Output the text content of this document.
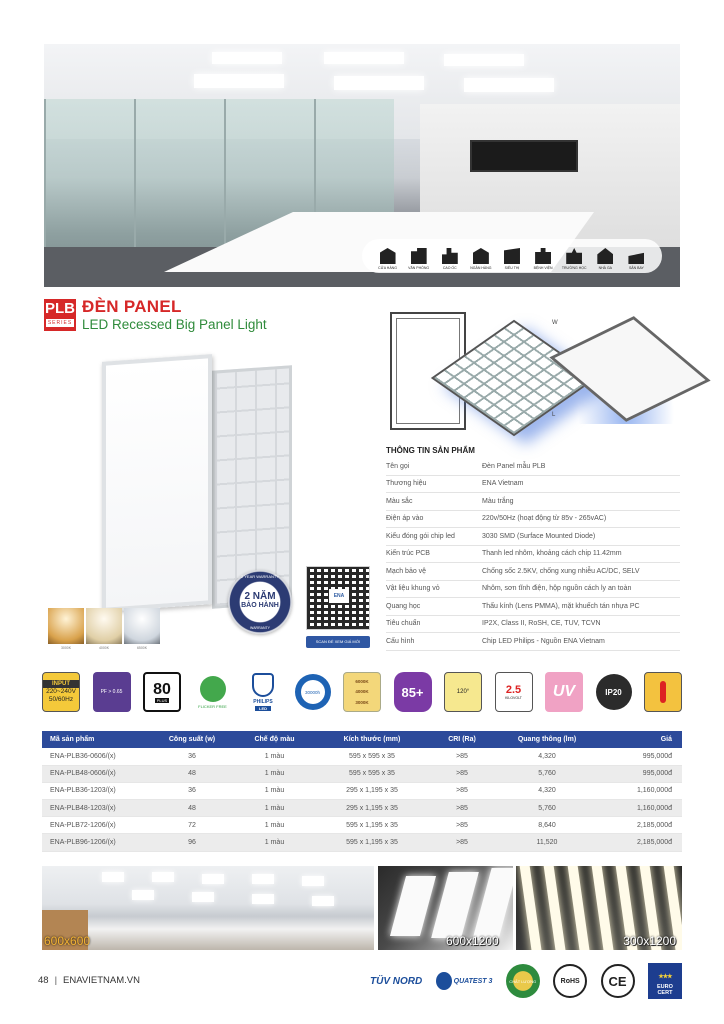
CỬA HÀNG	VĂN PHÒNG	CAO ỐC	NGÂN HÀNG	SIÊU THỊ	BỆNH VIỆN	TRƯỜNG HỌC	NHÀ GA	SÂN BAY
PLB
SERIES
ĐÈN PANEL
LED Recessed Big Panel Light
3000K	4000K	6500K
2 YEAR WARRANTY
2 NĂM
BẢO HÀNH
WARRANTY
ENA
SCAN ĐỂ XEM GIÁ MỚI
W
L
THÔNG TIN SẢN PHẨM
Tên gọi	Đèn Panel mẫu PLB
Thương hiệu	ENA Vietnam
Màu sắc	Màu trắng
Điện áp vào	220v/50Hz (hoạt động từ 85v - 265vAC)
Kiểu đóng gói chip led	3030 SMD (Surface Mounted Diode)
Kiến trúc PCB	Thanh led nhôm, khoảng cách chip 11.42mm
Mạch bảo vệ	Chống sốc 2.5KV, chống xung nhiễu AC/DC, SELV
Vật liệu khung vỏ	Nhôm, sơn tĩnh điện, hộp nguồn cách ly an toàn
Quang học	Thấu kính (Lens PMMA), mặt khuếch tán nhựa PC
Tiêu chuẩn	IP2X, Class II, RoSH, CE, TUV, TCVN
Cấu hình	Chip LED Philips - Nguồn ENA Vietnam
INPUT
220~240V
50/60Hz
PF > 0.65 80
PLUS
FLICKER FREE
PHILIPS
LED
30000h
6000K
4000K
3000K
85+	120°	2.5
KILOVOLT UV	IP20
Mã sản phẩm	Công suất (w)	Chế độ màu	Kích thước (mm)	CRI (Ra)	Quang thông (lm)	Giá
ENA-PLB36-0606/(x)	36	1 màu	595 x 595 x 35	>85	4,320	995,000đ
ENA-PLB48-0606/(x)	48	1 màu	595 x 595 x 35	>85	5,760	995,000đ
ENA-PLB36-1203/(x)	36	1 màu	295 x 1,195 x 35	>85	4,320	1,160,000đ
ENA-PLB48-1203/(x)	48	1 màu	295 x 1,195 x 35	>85	5,760	1,160,000đ
ENA-PLB72-1206/(x)	72	1 màu	595 x 1,195 x 35	>85	8,640	2,185,000đ
ENA-PLB96-1206/(x)	96	1 màu	595 x 1,195 x 35	>85	11,520	2,185,000đ
600x600	600x1200	300x1200
48 | ENAVIETNAM.VN	TÜV NORD	QUATEST 3	CHẤT LƯỢNG	RoHS CE	★★★
EURO
CERT
